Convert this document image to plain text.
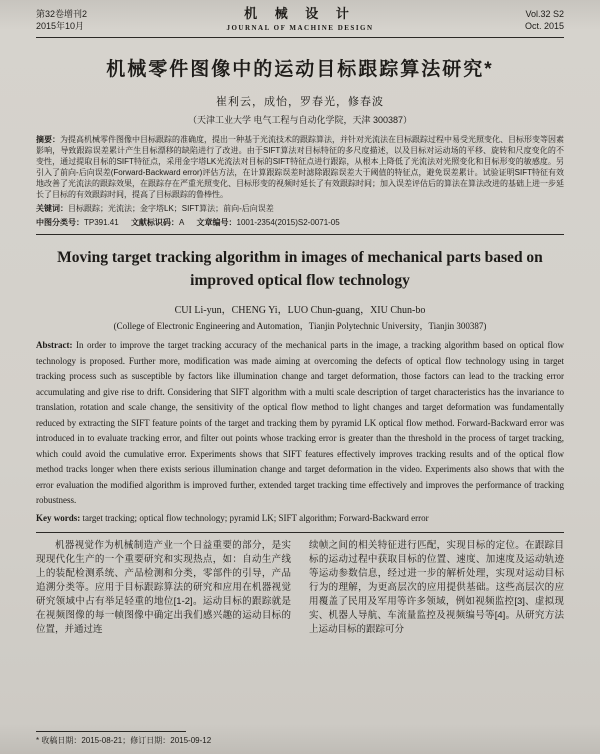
第32卷增刊2
2015年10月
机 械 设 计
JOURNAL OF MACHINE DESIGN
Vol.32 S2
Oct. 2015
机械零件图像中的运动目标跟踪算法研究*
崔利云，成怡，罗春光，修春波
（天津工业大学 电气工程与自动化学院，天津 300387）
摘要：为提高机械零件图像中目标跟踪的准确度，提出一种基于光流技术的跟踪算法，并针对光流法在目标跟踪过程中易受光照变化、目标形变等因素影响，导致跟踪误差累计产生目标漂移的缺陷进行了改进。由于SIFT算法对目标特征的多尺度描述，以及目标对运动场的平移、旋转和尺度变化的不变性，通过提取目标的SIFT特征点，采用金字塔LK光流法对目标的SIFT特征点进行跟踪，从根本上降低了光流法对光照变化和目标形变的敏感度。另引入了前向-后向误差(Forward-Backward error)评估方法，在计算跟踪误差时滤除跟踪误差大于阈值的特征点，避免误差累计。试验证明SIFT特征有效地改善了光流法的跟踪效果，在跟踪存在严重光照变化、目标形变的视频时延长了有效跟踪时间；加入误差评估后的算法在算法改进的基础上进一步延长了目标的有效跟踪时间，提高了目标跟踪的鲁棒性。
关键词：目标跟踪；光流法；金字塔LK；SIFT算法；前向-后向误差
中图分类号：TP391.41 文献标识码：A 文章编号：1001-2354(2015)S2-0071-05
Moving target tracking algorithm in images of mechanical parts based on improved optical flow technology
CUI Li-yun，CHENG Yi，LUO Chun-guang，XIU Chun-bo
(College of Electronic Engineering and Automation，Tianjin Polytechnic University，Tianjin 300387)
Abstract: In order to improve the target tracking accuracy of the mechanical parts in the image, a tracking algorithm based on optical flow technology is proposed. Further more, modification was made aiming at overcoming the defects of optical flow technology using in target tracking process such as susceptible by factors like illumination change and target deformation, those factors can lead to the tracking error accumulating and give rise to drift. Considering that SIFT algorithm with a multi scale description of target characteristics has the invariance to translation, rotation and scale change, the sensitivity of the optical flow method to light changes and target deformation was fundamentally reduced by extracting the SIFT feature points of the target and tracking them by pyramid LK optical flow method. Forward-Backward error was introduced in to evaluate tracking error, and filter out points whose tracking error is greater than the threshold in the process of target tracking, which could avoid the cumulative error. Experiments shows that SIFT features effectively improves tracking results and of the optical flow method tracks longer when there exists serious illumination change and target deformation in the video. Experiments also shows that with the error evaluation the modified algorithm is improved further, extended target tracking time effectively and improves the performance of tracking robustness.
Key words: target tracking; optical flow technology; pyramid LK; SIFT algorithm; Forward-Backward error
机器视觉作为机械制造产业一个日益重要的部分，是实现现代化生产的一个重要研究和实现热点，如：自动生产线上的装配检测系统、产品检测和分类，零部件的引导，产品追溯分类等。应用于目标跟踪算法的研究和应用在机器视觉研究领域中占有举足轻重的地位[1-2]。运动目标的跟踪就是在视频图像的每一帧图像中确定出我们感兴趣的运动目标的位置，并通过连
续帧之间的相关特征进行匹配，实现目标的定位。在跟踪目标的运动过程中获取目标的位置、速度、加速度及运动轨迹等运动参数信息，经过进一步的解析处理，实现对运动目标行为的理解，为更高层次的应用提供基础。这些高层次的应用覆盖了民用及军用等许多领域，例如视频监控[3]、虚拟现实、机器人导航、车流量监控及视频编号等[4]。从研究方法上运动目标的跟踪可分
* 收稿日期：2015-08-21；修订日期：2015-09-12
